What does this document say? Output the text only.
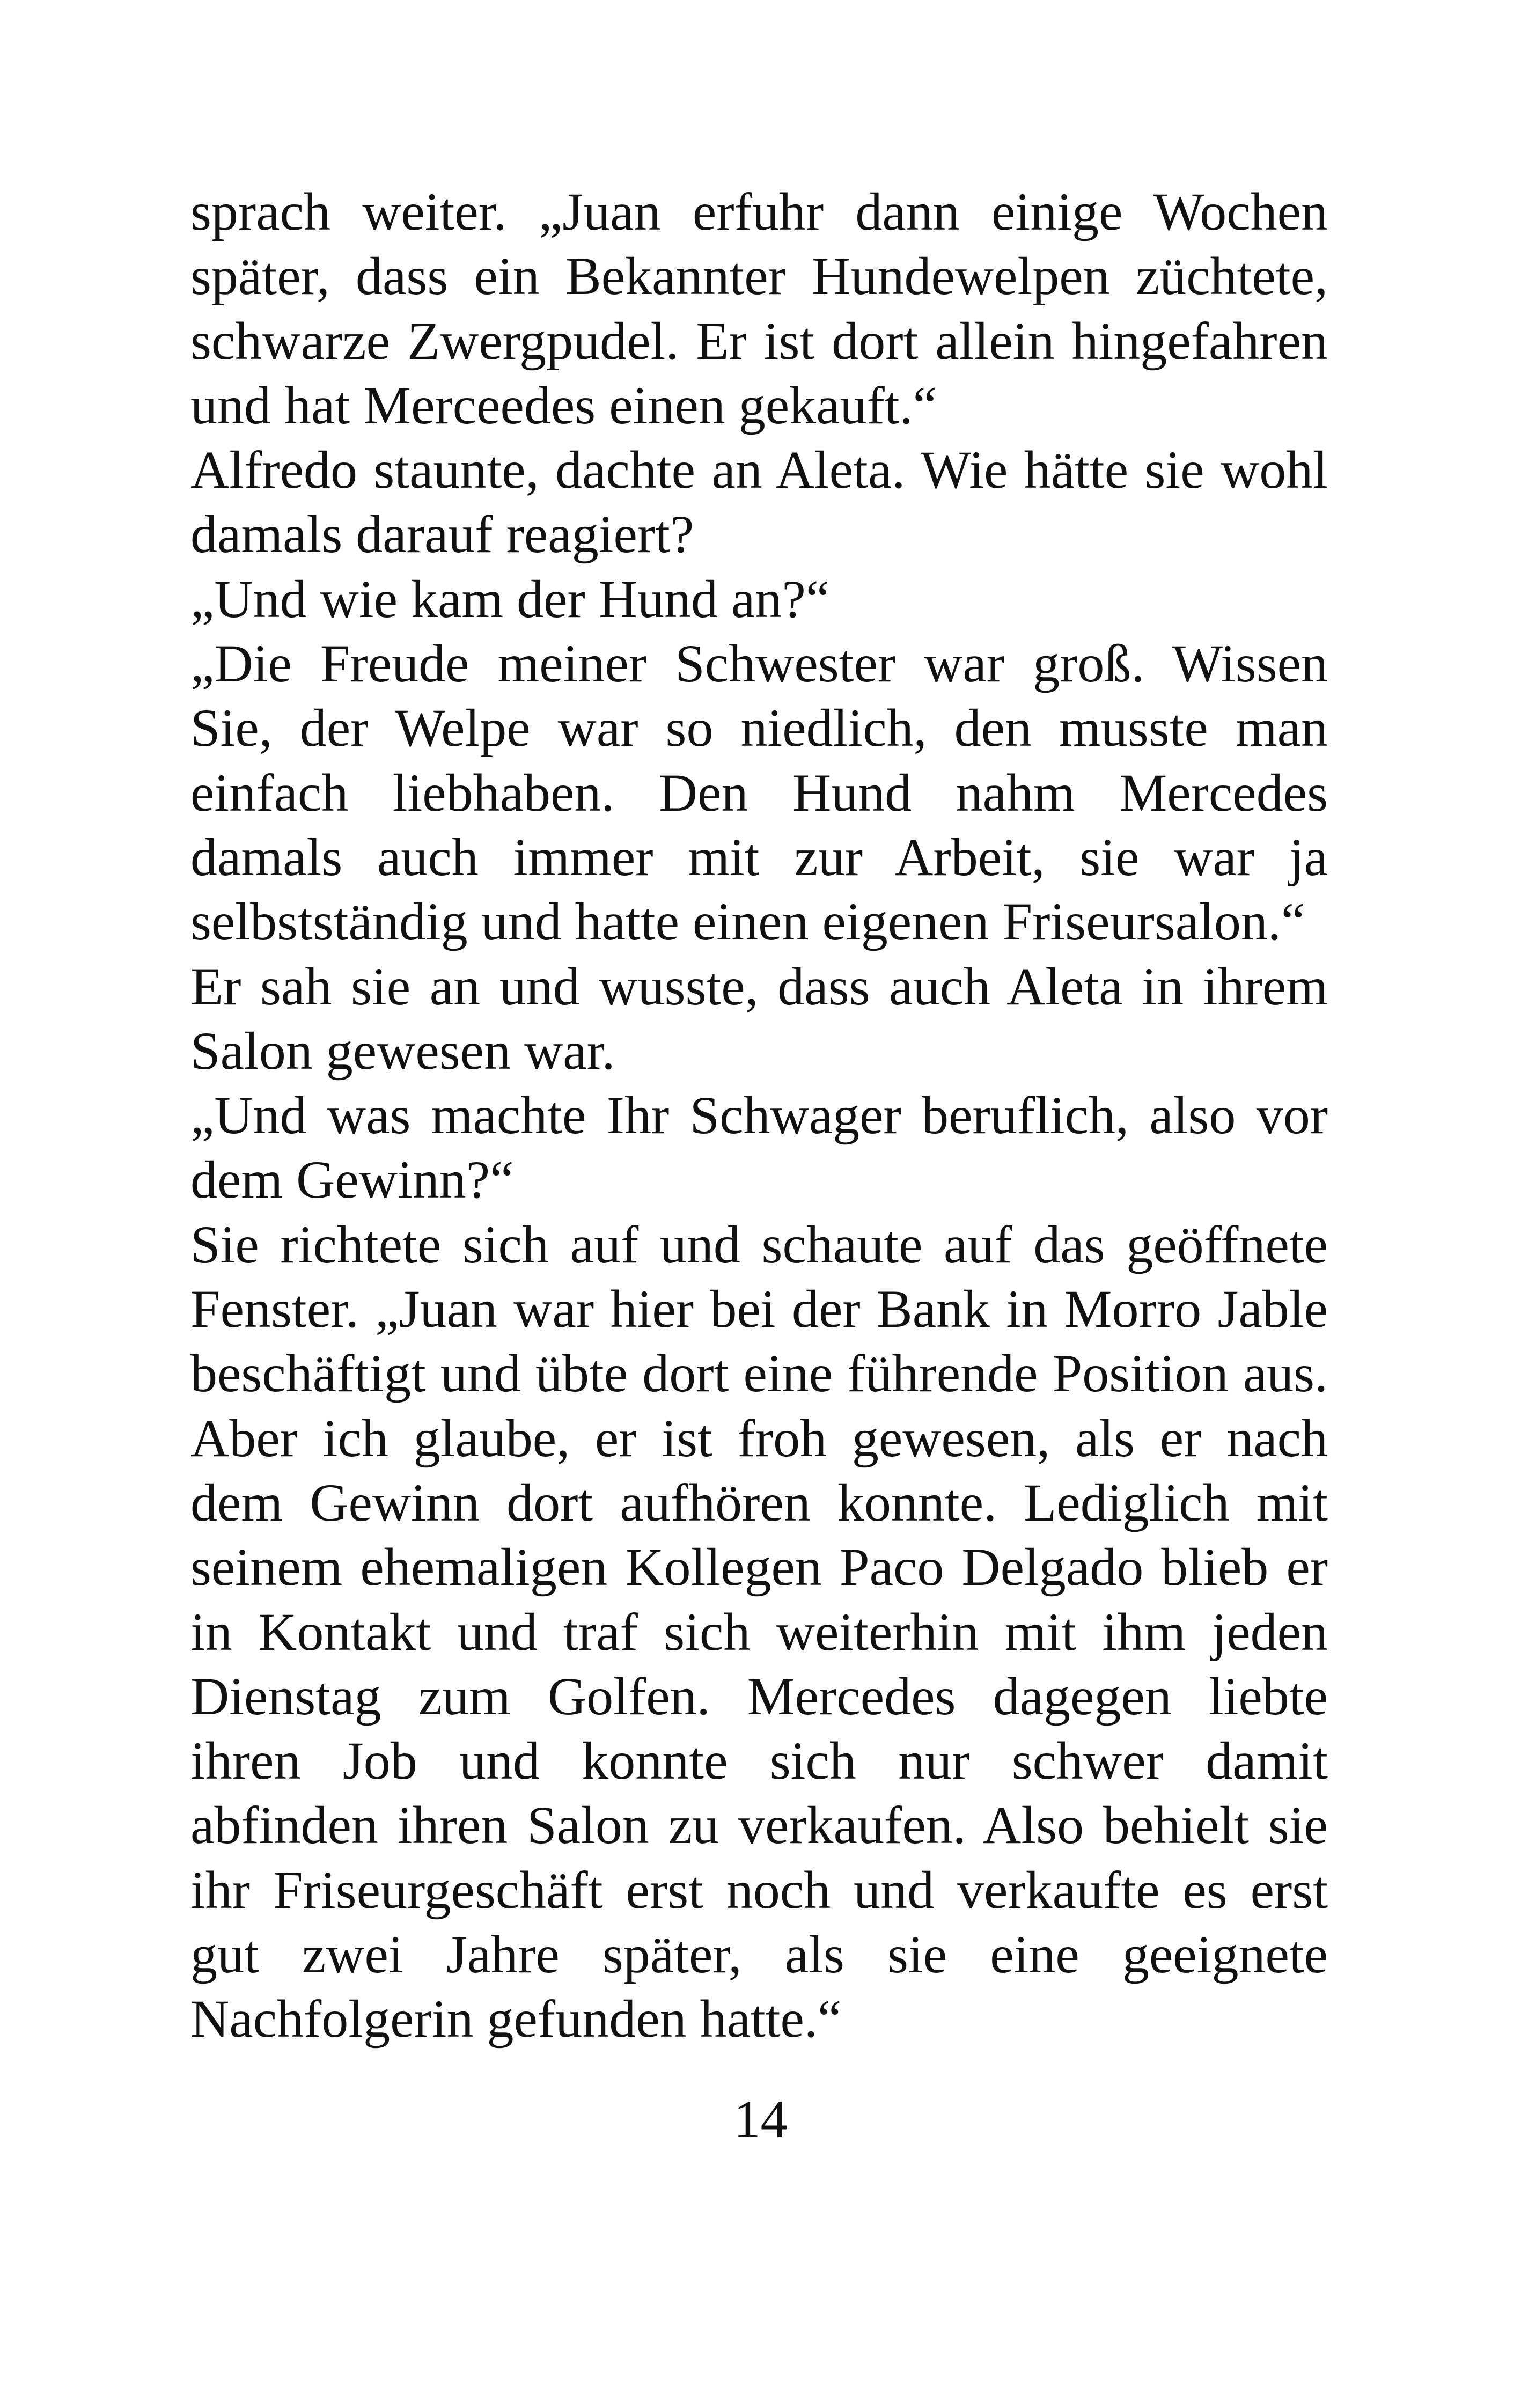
sprach weiter. „Juan erfuhr dann einige Wochen später, dass ein Bekannter Hundewelpen züchtete, schwarze Zwergpudel. Er ist dort allein hingefahren und hat Merceedes einen gekauft.“

Alfredo staunte, dachte an Aleta. Wie hätte sie wohl damals darauf reagiert?

„Und wie kam der Hund an?“

„Die Freude meiner Schwester war groß. Wissen Sie, der Welpe war so niedlich, den musste man einfach liebhaben. Den Hund nahm Mercedes damals auch immer mit zur Arbeit, sie war ja selbstständig und hatte einen eigenen Friseursalon.“

Er sah sie an und wusste, dass auch Aleta in ihrem Salon gewesen war.

„Und was machte Ihr Schwager beruflich, also vor dem Gewinn?“

Sie richtete sich auf und schaute auf das geöffnete Fenster. „Juan war hier bei der Bank in Morro Jable beschäftigt und übte dort eine führende Position aus. Aber ich glaube, er ist froh gewesen, als er nach dem Gewinn dort aufhören konnte. Lediglich mit seinem ehemaligen Kollegen Paco Delgado blieb er in Kontakt und traf sich weiterhin mit ihm jeden Dienstag zum Golfen. Mercedes dagegen liebte ihren Job und konnte sich nur schwer damit abfinden ihren Salon zu verkaufen. Also behielt sie ihr Friseurgeschäft erst noch und verkaufte es erst gut zwei Jahre später, als sie eine geeignete Nachfolgerin gefunden hatte.“

14
